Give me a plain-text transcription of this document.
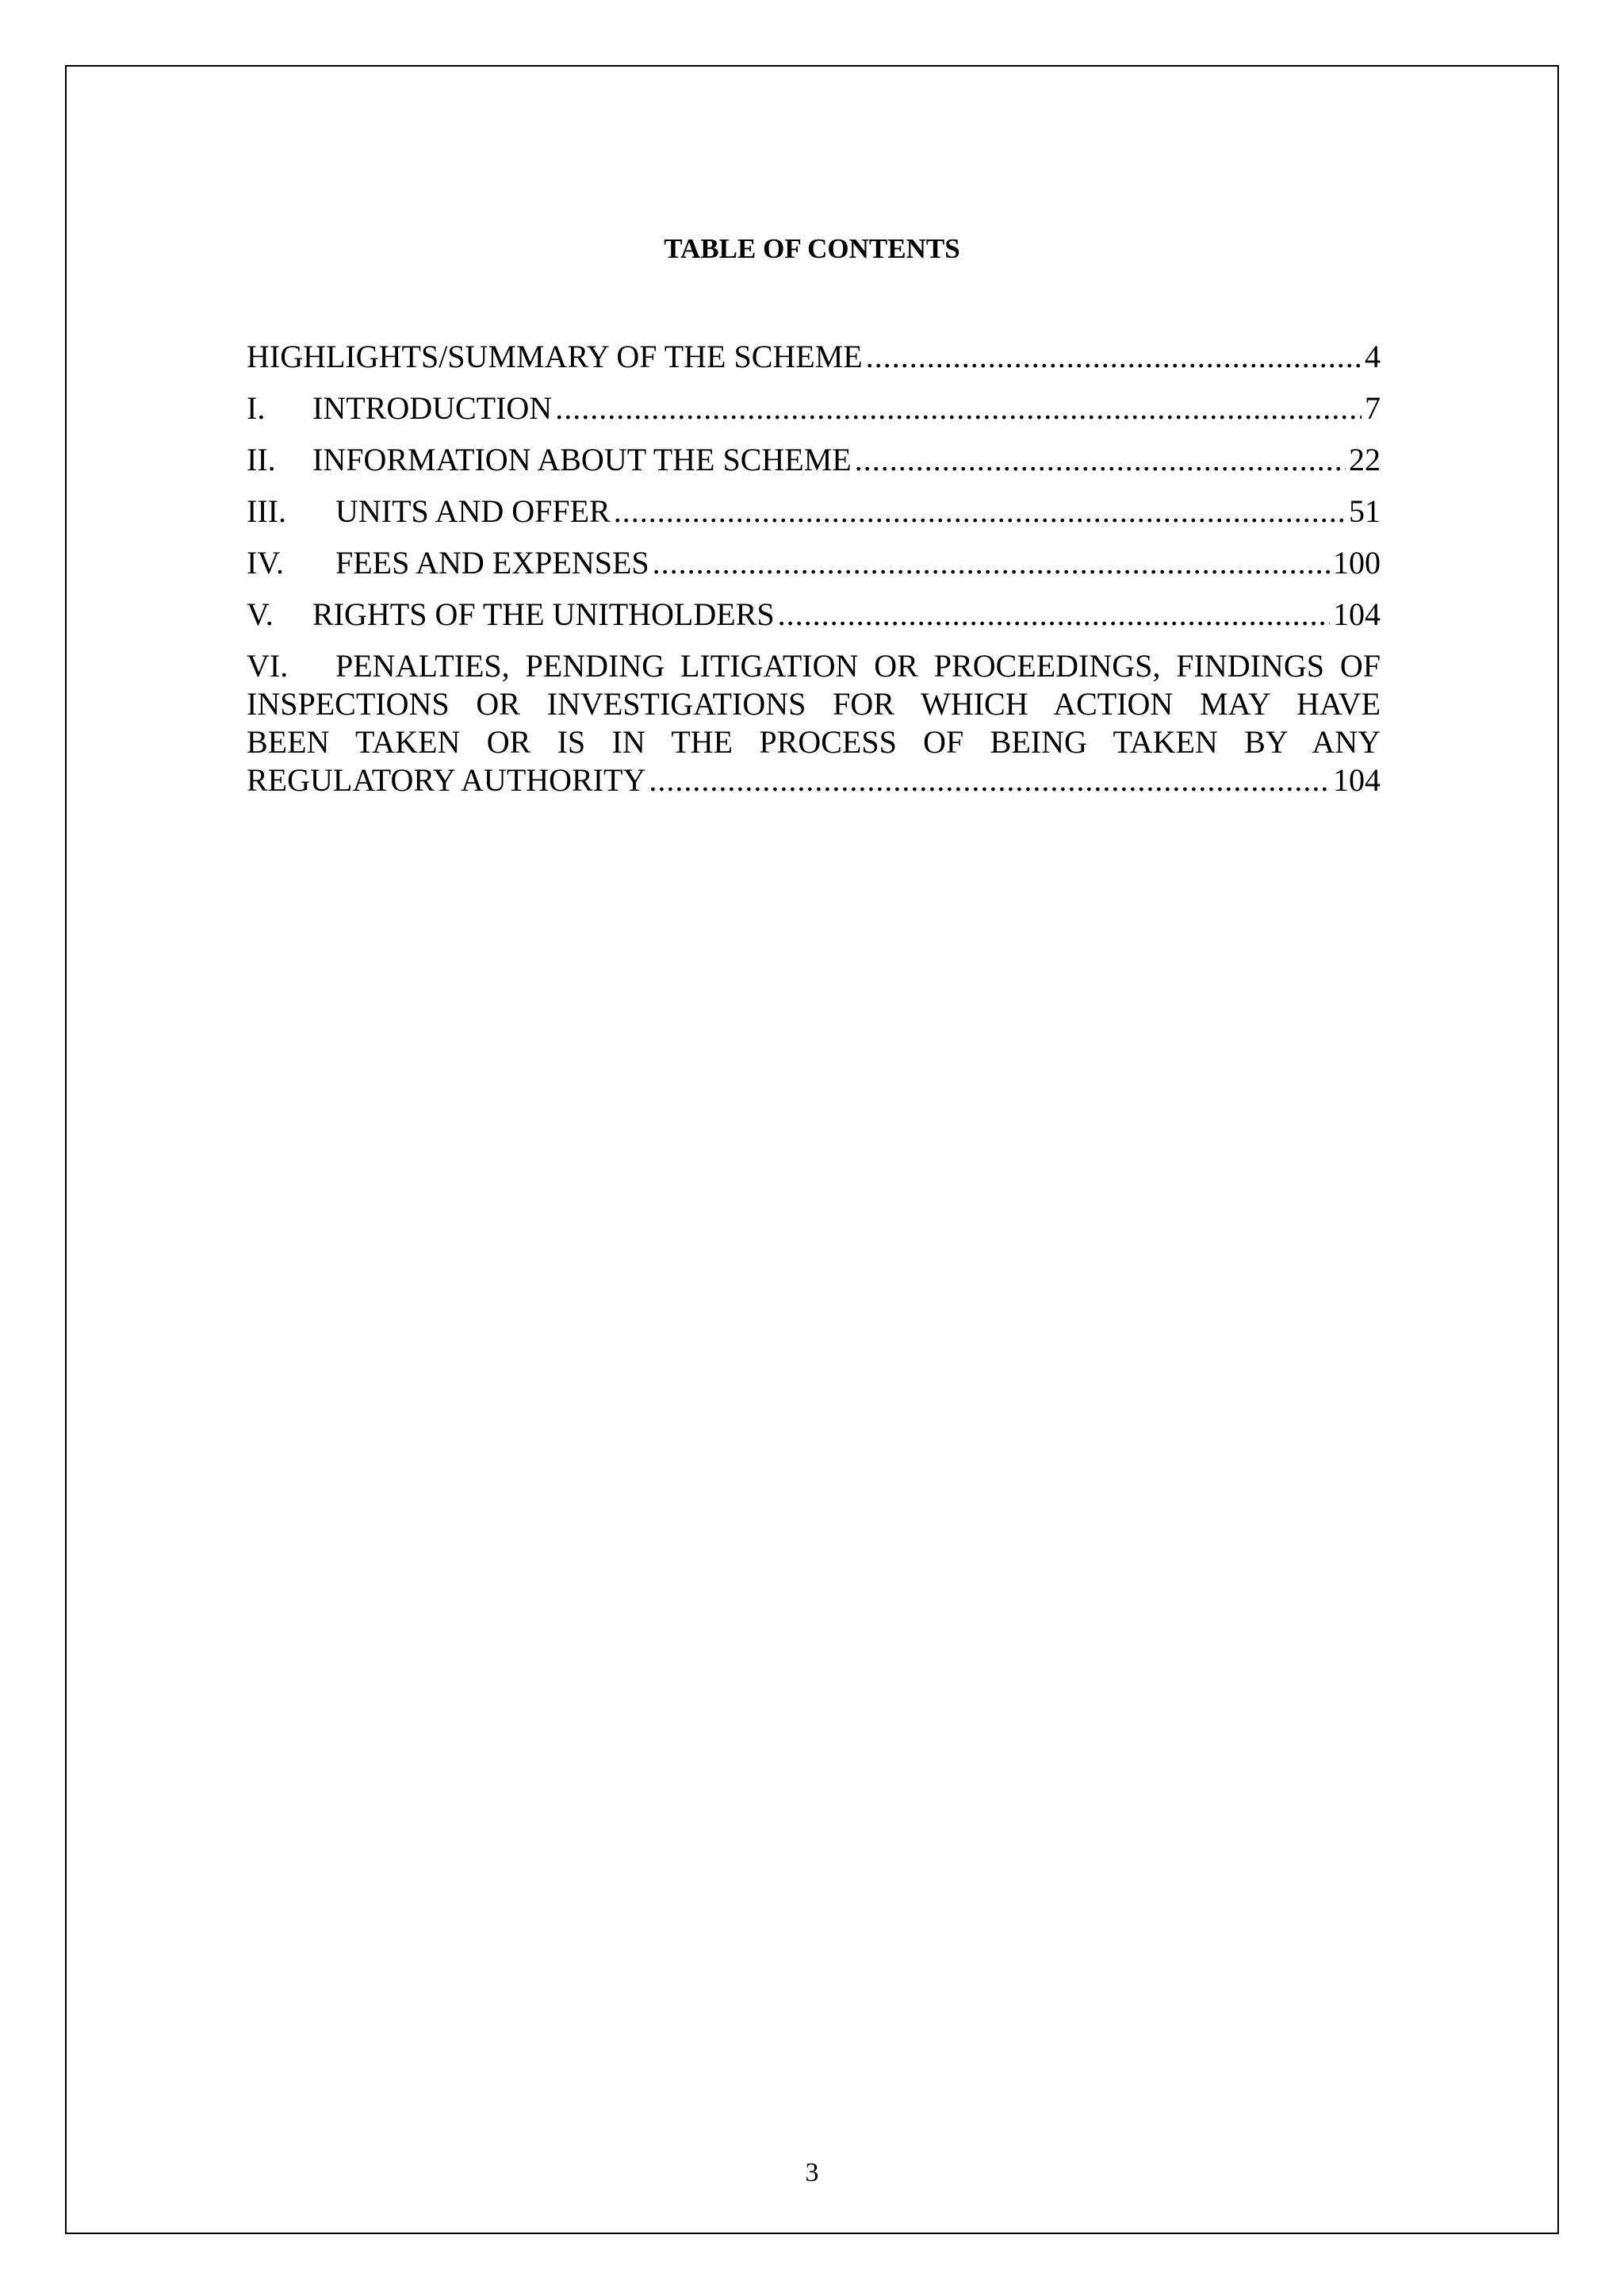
TABLE OF CONTENTS
HIGHLIGHTS/SUMMARY OF THE SCHEME .....	4
I.	INTRODUCTION .....	7
II.	INFORMATION ABOUT THE SCHEME .....	22
III.	UNITS AND OFFER .....	51
IV.	FEES AND EXPENSES .....	100
V.	RIGHTS OF THE UNITHOLDERS .....	104
VI. PENALTIES, PENDING LITIGATION OR PROCEEDINGS, FINDINGS OF
INSPECTIONS OR INVESTIGATIONS FOR WHICH ACTION MAY HAVE
BEEN TAKEN OR IS IN THE PROCESS OF BEING TAKEN BY ANY
REGULATORY AUTHORITY .....	104
3
